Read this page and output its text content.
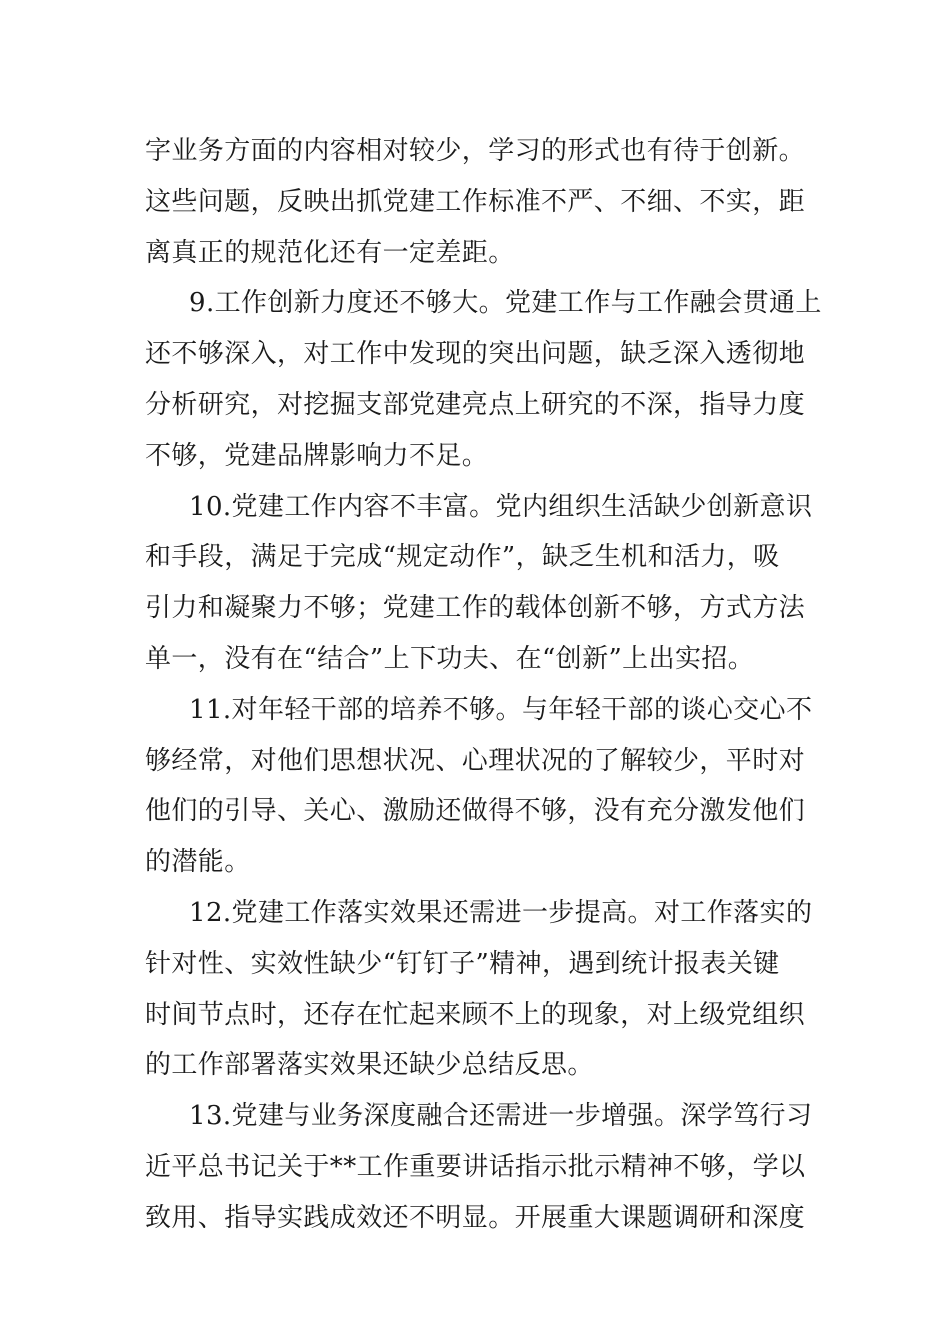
字业务方面的内容相对较少，学习的形式也有待于创新。
这些问题，反映出抓党建工作标准不严、不细、不实，距
离真正的规范化还有一定差距。
9.工作创新力度还不够大。党建工作与工作融会贯通上
还不够深入，对工作中发现的突出问题，缺乏深入透彻地
分析研究，对挖掘支部党建亮点上研究的不深，指导力度
不够，党建品牌影响力不足。
10.党建工作内容不丰富。党内组织生活缺少创新意识
和手段，满足于完成“规定动作”，缺乏生机和活力，吸
引力和凝聚力不够；党建工作的载体创新不够，方式方法
单一，没有在“结合”上下功夫、在“创新”上出实招。
11.对年轻干部的培养不够。与年轻干部的谈心交心不
够经常，对他们思想状况、心理状况的了解较少，平时对
他们的引导、关心、激励还做得不够，没有充分激发他们
的潜能。
12.党建工作落实效果还需进一步提高。对工作落实的
针对性、实效性缺少“钉钉子”精神，遇到统计报表关键
时间节点时，还存在忙起来顾不上的现象，对上级党组织
的工作部署落实效果还缺少总结反思。
13.党建与业务深度融合还需进一步增强。深学笃行习
近平总书记关于**工作重要讲话指示批示精神不够，学以
致用、指导实践成效还不明显。开展重大课题调研和深度
